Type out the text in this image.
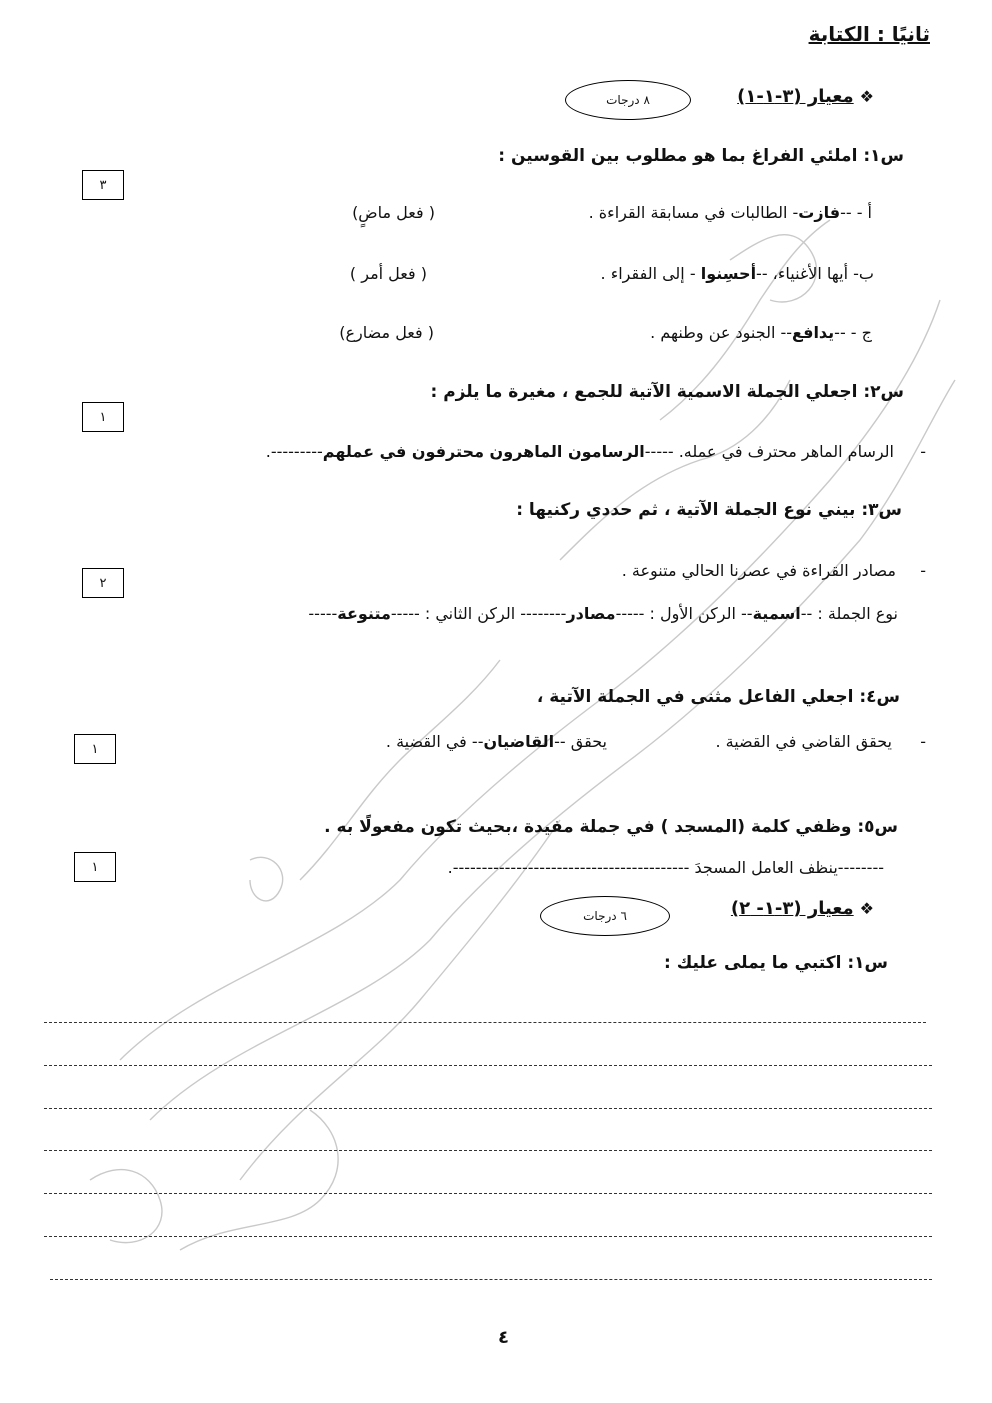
ثانيًا : الكتابة
❖معيار (٣-١-١)
٨ درجات
س١: املئي الفراغ بما هو مطلوب بين القوسين :
٣
أ - --فازت- الطالبات في مسابقة القراءة .
( فعل ماضٍ)
ب- أيها الأغنياء، --أحسِنوا - إلى الفقراء .
( فعل أمر )
ج - --يدافع-- الجنود عن وطنهم .
( فعل مضارع)
س٢: اجعلي الجملة الاسمية الآتية للجمع ، مغيرة ما يلزم :
١
-
الرسام الماهر محترف في عمله. -----الرسامون الماهرون محترفون في عملهم---------.
س٣: بيني نوع الجملة الآتية ، ثم حددي ركنيها :
٢
-
مصادر القراءة في عصرنا الحالي متنوعة .
نوع الجملة : --اسمية-- الركن الأول : -----مصادر-------- الركن الثاني : -----متنوعة-----
س٤: اجعلي الفاعل مثنى في الجملة الآتية ،
١	-
يحقق القاضي في القضية .
يحقق --القاضيان-- في القضية .
س٥: وظفي كلمة (المسجد ) في جملة مفيدة ،بحيث تكون مفعولًا به .
١	--------ينظف العامل المسجدَ -----------------------------------------.
❖معيار (٣-١- ٢)
٦ درجات
س١: اكتبي ما يملى عليك :
٤
